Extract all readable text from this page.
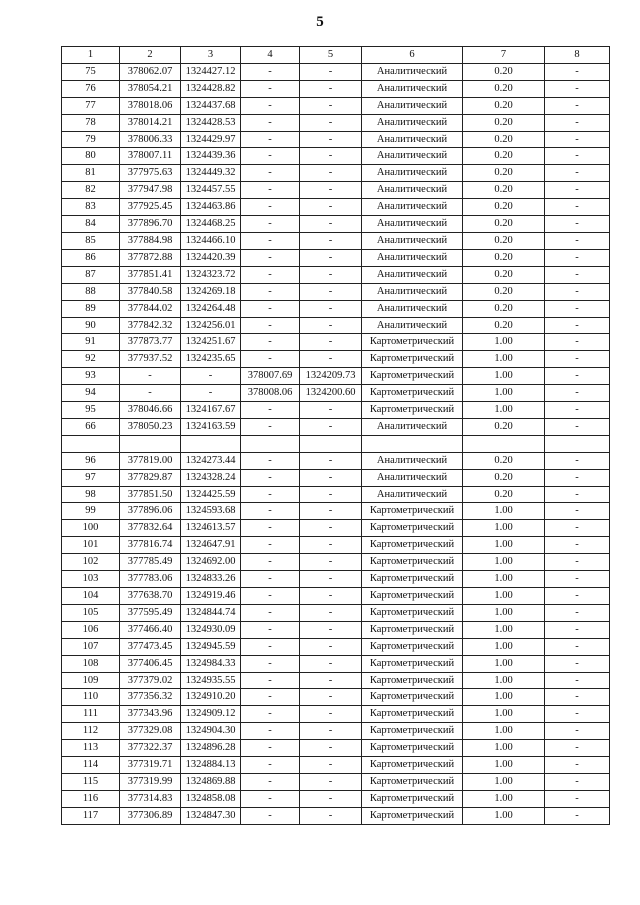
5
1	2	3	4	5	6	7	8
75	378062.07	1324427.12	-	-	Аналитический	0.20	-
76	378054.21	1324428.82	-	-	Аналитический	0.20	-
77	378018.06	1324437.68	-	-	Аналитический	0.20	-
78	378014.21	1324428.53	-	-	Аналитический	0.20	-
79	378006.33	1324429.97	-	-	Аналитический	0.20	-
80	378007.11	1324439.36	-	-	Аналитический	0.20	-
81	377975.63	1324449.32	-	-	Аналитический	0.20	-
82	377947.98	1324457.55	-	-	Аналитический	0.20	-
83	377925.45	1324463.86	-	-	Аналитический	0.20	-
84	377896.70	1324468.25	-	-	Аналитический	0.20	-
85	377884.98	1324466.10	-	-	Аналитический	0.20	-
86	377872.88	1324420.39	-	-	Аналитический	0.20	-
87	377851.41	1324323.72	-	-	Аналитический	0.20	-
88	377840.58	1324269.18	-	-	Аналитический	0.20	-
89	377844.02	1324264.48	-	-	Аналитический	0.20	-
90	377842.32	1324256.01	-	-	Аналитический	0.20	-
91	377873.77	1324251.67	-	-	Картометрический	1.00	-
92	377937.52	1324235.65	-	-	Картометрический	1.00	-
93	-	-	378007.69	1324209.73	Картометрический	1.00	-
94	-	-	378008.06	1324200.60	Картометрический	1.00	-
95	378046.66	1324167.67	-	-	Картометрический	1.00	-
66	378050.23	1324163.59	-	-	Аналитический	0.20	-

96	377819.00	1324273.44	-	-	Аналитический	0.20	-
97	377829.87	1324328.24	-	-	Аналитический	0.20	-
98	377851.50	1324425.59	-	-	Аналитический	0.20	-
99	377896.06	1324593.68	-	-	Картометрический	1.00	-
100	377832.64	1324613.57	-	-	Картометрический	1.00	-
101	377816.74	1324647.91	-	-	Картометрический	1.00	-
102	377785.49	1324692.00	-	-	Картометрический	1.00	-
103	377783.06	1324833.26	-	-	Картометрический	1.00	-
104	377638.70	1324919.46	-	-	Картометрический	1.00	-
105	377595.49	1324844.74	-	-	Картометрический	1.00	-
106	377466.40	1324930.09	-	-	Картометрический	1.00	-
107	377473.45	1324945.59	-	-	Картометрический	1.00	-
108	377406.45	1324984.33	-	-	Картометрический	1.00	-
109	377379.02	1324935.55	-	-	Картометрический	1.00	-
110	377356.32	1324910.20	-	-	Картометрический	1.00	-
111	377343.96	1324909.12	-	-	Картометрический	1.00	-
112	377329.08	1324904.30	-	-	Картометрический	1.00	-
113	377322.37	1324896.28	-	-	Картометрический	1.00	-
114	377319.71	1324884.13	-	-	Картометрический	1.00	-
115	377319.99	1324869.88	-	-	Картометрический	1.00	-
116	377314.83	1324858.08	-	-	Картометрический	1.00	-
117	377306.89	1324847.30	-	-	Картометрический	1.00	-
